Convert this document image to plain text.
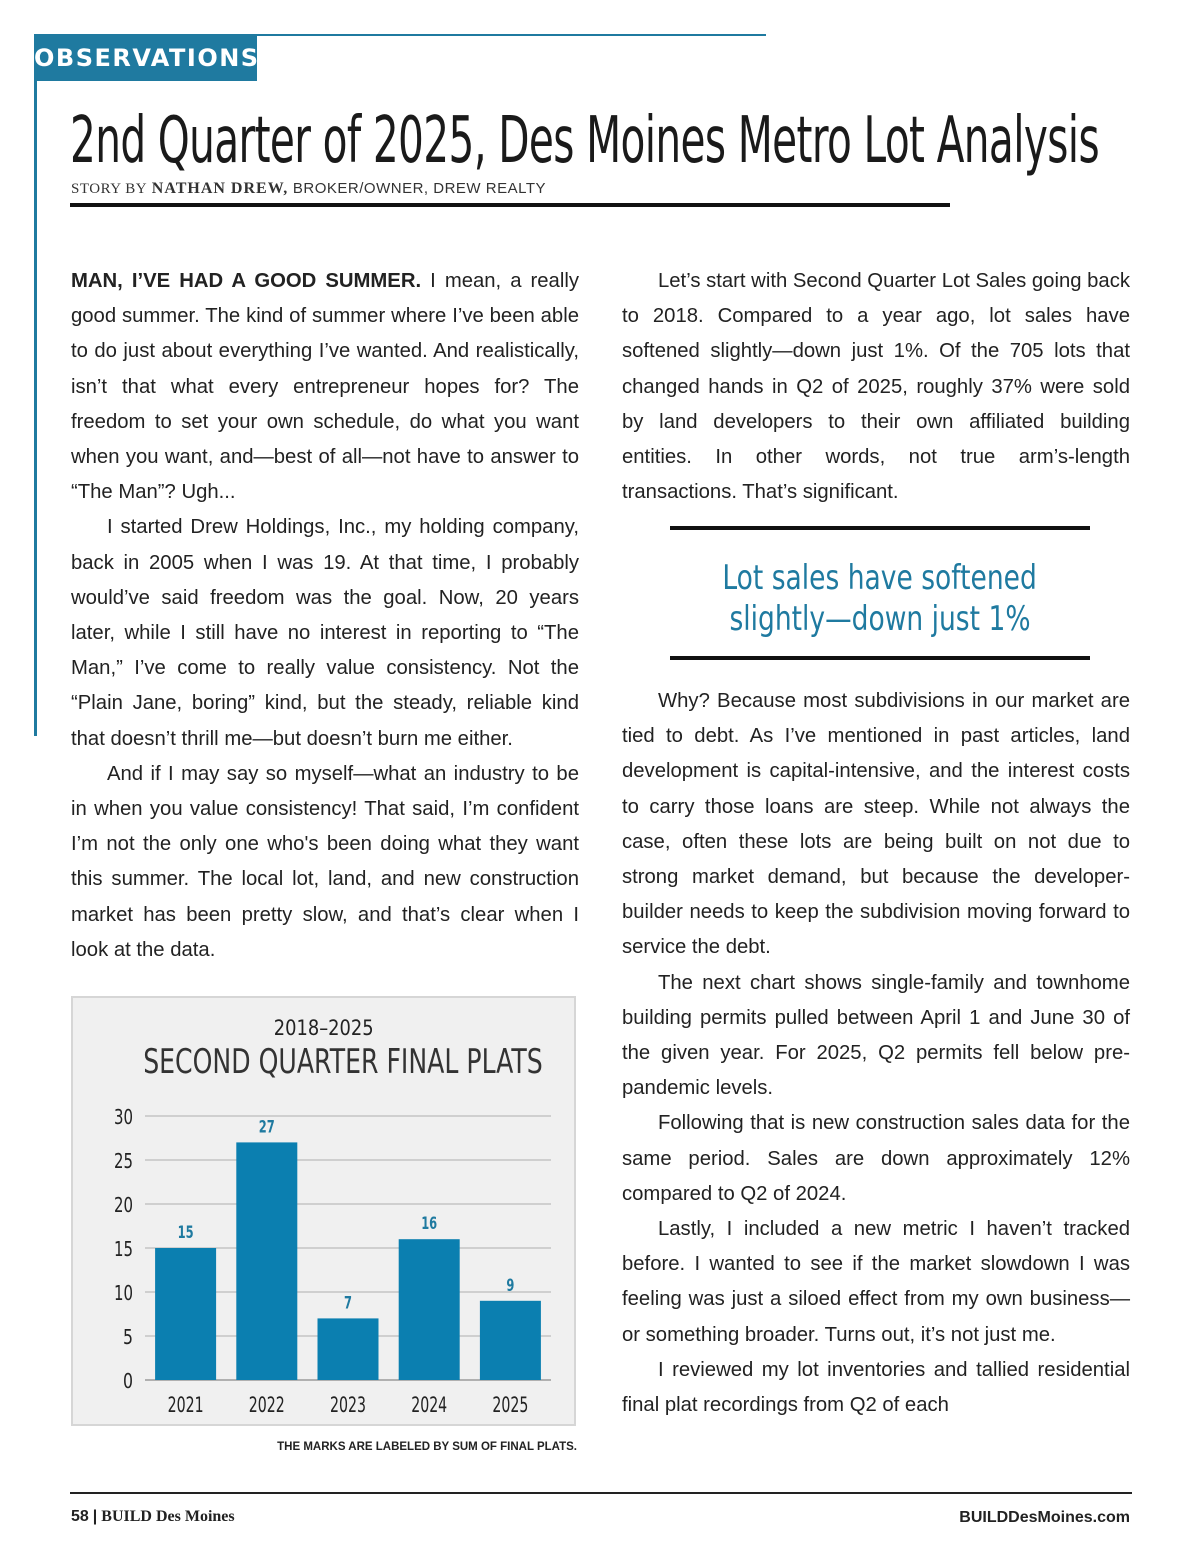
OBSERVATIONS
2nd Quarter of 2025, Des Moines Metro Lot Analysis
STORY BY NATHAN DREW, BROKER/OWNER, DREW REALTY

MAN, I’VE HAD A GOOD SUMMER. I mean, a really good summer. The kind of summer where I’ve been able to do just about everything I’ve wanted. And realistically, isn’t that what every entrepreneur hopes for? The freedom to set your own schedule, do what you want when you want, and—best of all—not have to answer to “The Man”? Ugh...

I started Drew Holdings, Inc., my holding company, back in 2005 when I was 19. At that time, I probably would’ve said freedom was the goal. Now, 20 years later, while I still have no interest in reporting to “The Man,” I’ve come to really value consistency. Not the “Plain Jane, boring” kind, but the steady, reliable kind that doesn’t thrill me—but doesn’t burn me either.

And if I may say so myself—what an industry to be in when you value consistency! That said, I’m confident I’m not the only one who's been doing what they want this summer. The local lot, land, and new construction market has been pretty slow, and that’s clear when I look at the data.

Let’s start with Second Quarter Lot Sales going back to 2018. Compared to a year ago, lot sales have softened slightly—down just 1%. Of the 705 lots that changed hands in Q2 of 2025, roughly 37% were sold by land developers to their own affiliated building entities. In other words, not true arm’s-length transactions. That’s significant.

Lot sales have softened
slightly—down just 1%

Why? Because most subdivisions in our market are tied to debt. As I’ve mentioned in past articles, land development is capital-intensive, and the interest costs to carry those loans are steep. While not always the case, often these lots are being built on not due to strong market demand, but because the developer-builder needs to keep the subdivision moving forward to service the debt.

The next chart shows single-family and townhome building permits pulled between April 1 and June 30 of the given year. For 2025, Q2 permits fell below pre-pandemic levels.

Following that is new construction sales data for the same period. Sales are down approximately 12% compared to Q2 of 2024.

Lastly, I included a new metric I haven’t tracked before. I wanted to see if the market slowdown I was feeling was just a siloed effect from my own business—or something broader. Turns out, it’s not just me.

I reviewed my lot inventories and tallied residential final plat recordings from Q2 of each

2018–2025
SECOND QUARTER FINAL PLATS
0
5
10
15
20
25
30
15
2021
27
2022
7
2023
16
2024
9
2025
THE MARKS ARE LABELED BY SUM OF FINAL PLATS.
58 | BUILD Des Moines	BUILDDesMoines.com
